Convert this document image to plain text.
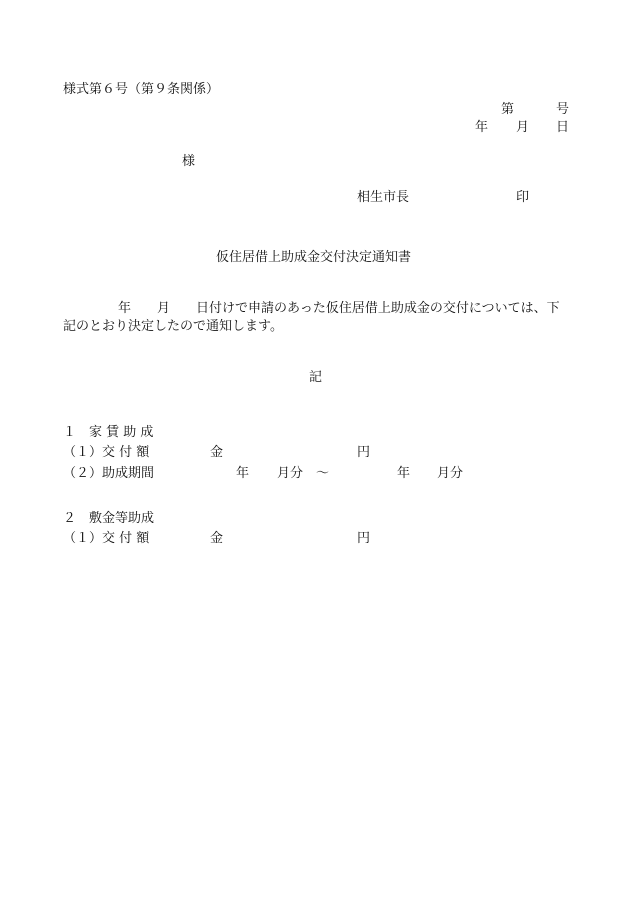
様式第６号（第９条関係）
第	号
年 月 日
様
相生市長	印
仮住居借上助成金交付決定通知書
年 月 日付けで申請のあった仮住居借上助成金の交付については、下
記のとおり決定したので通知します。
記
１　家 賃 助 成
（１）交 付 額	金	円
（２）助成期間	年 月分 ～	年 月分
２　敷金等助成
（１）交 付 額	金	円
